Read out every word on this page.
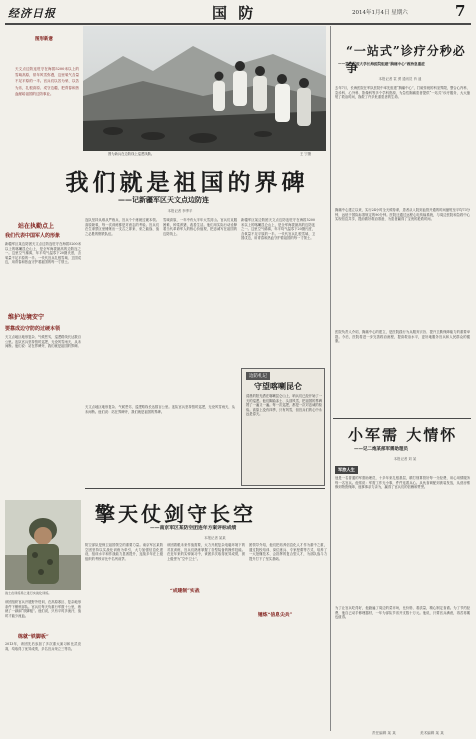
经济日报	国 防	2014年1月4日 星期六	7
图形新意
天文点边防连驻守在海拔5200米以上的雪域高原，常年风雪弥漫，这里氧气含量不足平原的一半。官兵们以苦为荣、以苦为乐，扎根高原、戍守边疆，把青春和热血献给祖国的边防事业。
图为新兵在边防线上巡逻执勤。	王 宁摄
我们就是祖国的界碑
——记新疆军区天文点边防连
本报记者 李季平
站在执勤点上
我们代表中国军人的形象
新疆军区某边防团天文点边防连驻守在海拔5200米以上的喀喇昆仑山上，是全军海拔最高的边防连之一。这里空气稀薄，年平均气温零下20摄氏度，含氧量不足平原的一半。一代代官兵扎根雪域、卫国戍边，用青春和热血守护着祖国的每一寸领土。
维护边境安宁
要靠成边守防的过硬本领
天文点地区地形复杂、气候恶劣，巡逻路线长达数百公里。连队官兵坚持按时巡逻，无论风雪雨天，从未间断。他们说：站在界碑旁，我们就是祖国的界碑。
连队坚持从难从严练兵，官兵个个练就过硬本领。高原缺氧，每一次训练都是对意志的考验。官兵们在生命禁区里锤炼出一支召之即来、来之能战、战之必胜的钢铁队伍。
雪域高原，一年中有大半年大雪封山。官兵们克服困难，种菜养猪，改善生活。他们用实际行动诠释着当代革命军人的核心价值观，把忠诚写在祖国的边防线上。
新疆军区某边防团天文点边防连驻守在海拔5200米以上的喀喇昆仑山上，是全军海拔最高的边防连之一。这里空气稀薄，年平均气温零下20摄氏度，含氧量不足平原的一半。一代代官兵扎根雪域、卫国戍边，用青春和热血守护着祖国的每一寸领土。
边防札记
守望喀喇昆仑
清晨的阳光洒在喀喇昆仑山上，哨兵们已经开始了一天的巡逻。他们脚踏冻土、头顶风雪，把祖国的界碑擦了一遍又一遍。每一次巡逻，都是一次对忠诚的检验。高原上没有四季，只有风雪，但官兵们的心中永远是春天。
天文点地区地形复杂、气候恶劣，巡逻路线长达数百公里。连队官兵坚持按时巡逻，无论风雪雨天，从未间断。他们说：站在界碑旁，我们就是祖国的界碑。
“一站式”诊疗分秒必争
——第二军医大学长海医院组建“胸痛中心”救治急重症
本报记者 袁 勇 通讯员 肖 遥
去年7月，长海医院在军队医院中率先组建“胸痛中心”，打破传统的科室界限，整合心内科、急诊科、心外科、影像科等多个学科资源，为急性胸痛患者提供“一站式”诊疗服务，大大缩短了救治时间，挽救了许多危重患者的生命。
胸痛中心建立以来，实行24小时全天候待命，患者从入院到血管开通的时间缩短至平均73分钟，远低于国际标准规定的90分钟。医院还通过远程心电传输系统，与周边医院和急救中心实现信息共享，提前做好救治准备，为患者赢得了宝贵的抢救时间。
医院负责人介绍，胸痛中心的建立，是医院践行为兵服务宗旨、提升卫勤保障能力的重要举措。今后，医院将进一步完善救治流程，提高救治水平，更好地服务官兵和人民群众的健康。
小军需 大情怀
——记二炮某部军需助理员
本报记者 刘 某
军旅人生
他是一名普通的军需助理员，十多年来扎根基层，精打细算管好每一分经费，用心用情服务每一名官兵。他常说：军需工作无小事，件件连着兵心。从伙食调配到被装发放，从营房维修到物资保障，他事事亲力亲为，赢得了官兵们的信赖和赞誉。
为了让官兵吃得好，他跑遍了周边的菜市场，比价格、看质量，精心制定食谱。为了节约经费，他自己动手修理器材，一年为部队节省开支数十万元。他说，只要官兵满意，再苦再累也值得。
擎天仗剑守长空
——南京军区某防空团连年方案评标成绩
本报记者 某某
防空部队是保卫祖国领空的重要力量。南京军区某防空团坚持以实战化训练为牵引，大力加强信息化建设，组训水平和作战能力显著提升，连续多年在上级组织的考核评比中名列前茅。
“成建制”实战
该团着眼未来作战需要，大力开展复杂电磁环境下的对抗训练，官兵们熟练掌握了各型装备的操作技能。在近年来的实弹演习中，该团多次取得优异成绩，被上级誉为“空中卫士”。
锤炼“信息尖兵”
团领导介绍，他们把培养信息化人才作为重中之重，通过院校培训、岗位练兵、专家授课等方式，培养了一大批懂技术、会指挥的复合型人才，为部队战斗力提升打下了坚实基础。
战士在训练场上进行实战化训练。
练就“铁脚板”
该团组织官兵开展野外驻训，在高原寒区、复杂地形条件下锤炼部队。官兵们每天负重行军数十公里，练就了一副副“铁脚板”。他们说，只有平时多流汗，战时才能少流血。
2013年，该团先后参加了多次重大演习和比武竞赛，均取得了优异成绩，多名官兵荣立三等功。
责任编辑 某 某	美术编辑 某 某
